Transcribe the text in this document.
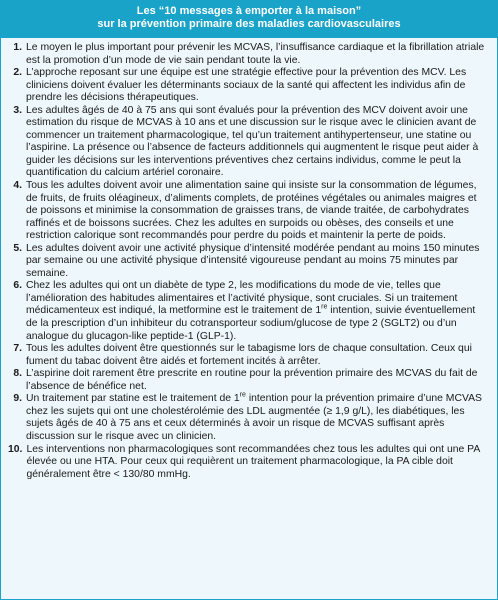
Les “10 messages à emporter à la maison”
sur la prévention primaire des maladies cardiovasculaires
1. Le moyen le plus important pour prévenir les MCVAS, l’insuffisance cardiaque et la fibrillation atriale est la promotion d’un mode de vie sain pendant toute la vie.
2. L’approche reposant sur une équipe est une stratégie effective pour la prévention des MCV. Les cliniciens doivent évaluer les déterminants sociaux de la santé qui affectent les individus afin de prendre les décisions thérapeutiques.
3. Les adultes âgés de 40 à 75 ans qui sont évalués pour la prévention des MCV doivent avoir une estimation du risque de MCVAS à 10 ans et une discussion sur le risque avec le clinicien avant de commencer un traitement pharmacologique, tel qu’un traitement antihypertenseur, une statine ou l’aspirine. La présence ou l’absence de facteurs additionnels qui augmentent le risque peut aider à guider les décisions sur les interventions préventives chez certains individus, comme le peut la quantification du calcium artériel coronaire.
4. Tous les adultes doivent avoir une alimentation saine qui insiste sur la consommation de légumes, de fruits, de fruits oléagineux, d’aliments complets, de protéines végétales ou animales maigres et de poissons et minimise la consommation de graisses trans, de viande traitée, de carbohydrates raffinés et de boissons sucrées. Chez les adultes en surpoids ou obèses, des conseils et une restriction calorique sont recommandés pour perdre du poids et maintenir la perte de poids.
5. Les adultes doivent avoir une activité physique d’intensité modérée pendant au moins 150 minutes par semaine ou une activité physique d’intensité vigoureuse pendant au moins 75 minutes par semaine.
6. Chez les adultes qui ont un diabète de type 2, les modifications du mode de vie, telles que l’amélioration des habitudes alimentaires et l’activité physique, sont cruciales. Si un traitement médicamenteux est indiqué, la metformine est le traitement de 1re intention, suivie éventuellement de la prescription d’un inhibiteur du cotransporteur sodium/glucose de type 2 (SGLT2) ou d’un analogue du glucagon-like peptide-1 (GLP-1).
7. Tous les adultes doivent être questionnés sur le tabagisme lors de chaque consultation. Ceux qui fument du tabac doivent être aidés et fortement incités à arrêter.
8. L’aspirine doit rarement être prescrite en routine pour la prévention primaire des MCVAS du fait de l’absence de bénéfice net.
9. Un traitement par statine est le traitement de 1re intention pour la prévention primaire d’une MCVAS chez les sujets qui ont une cholestérolémie des LDL augmentée (≥ 1,9 g/L), les diabétiques, les sujets âgés de 40 à 75 ans et ceux déterminés à avoir un risque de MCVAS suffisant après discussion sur le risque avec un clinicien.
10. Les interventions non pharmacologiques sont recommandées chez tous les adultes qui ont une PA élevée ou une HTA. Pour ceux qui requièrent un traitement pharmacologique, la PA cible doit généralement être < 130/80 mmHg.
